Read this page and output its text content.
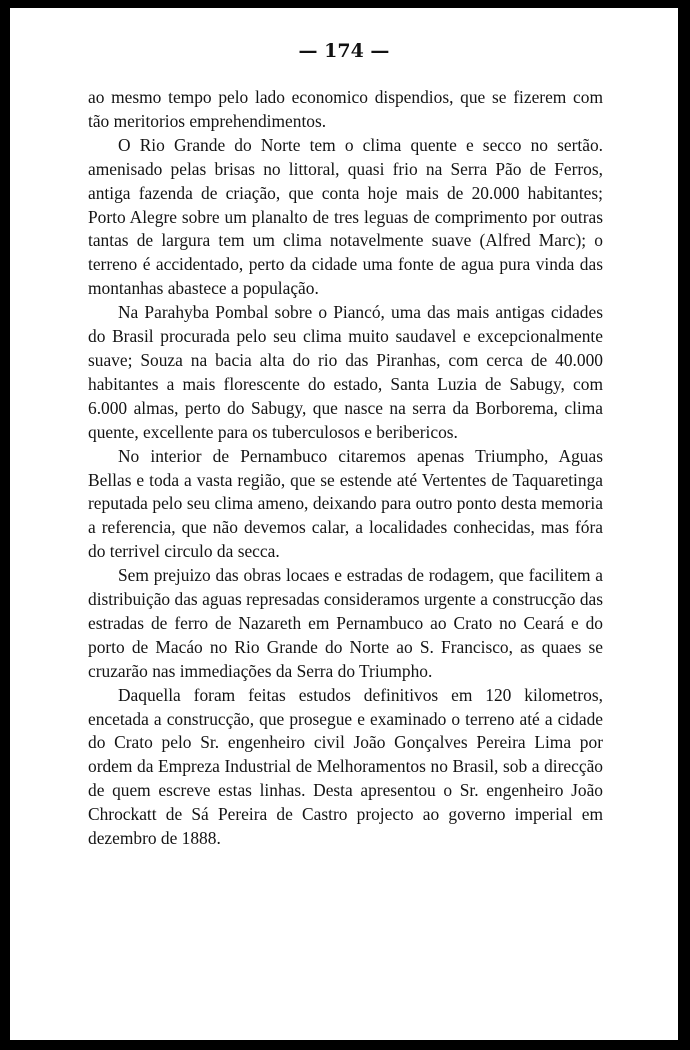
— 174 —

ao mesmo tempo pelo lado economico dispendios, que se fizerem com tão meritorios emprehendimentos.

O Rio Grande do Norte tem o clima quente e secco no sertão. amenisado pelas brisas no littoral, quasi frio na Serra Pão de Ferros, antiga fazenda de criação, que conta hoje mais de 20.000 habitantes; Porto Alegre sobre um planalto de tres leguas de comprimento por outras tantas de largura tem um clima notavelmente suave (Alfred Marc); o terreno é accidentado, perto da cidade uma fonte de agua pura vinda das montanhas abastece a população.

Na Parahyba Pombal sobre o Piancó, uma das mais antigas cidades do Brasil procurada pelo seu clima muito saudavel e excepcionalmente suave; Souza na bacia alta do rio das Piranhas, com cerca de 40.000 habitantes a mais florescente do estado, Santa Luzia de Sabugy, com 6.000 almas, perto do Sabugy, que nasce na serra da Borborema, clima quente, excellente para os tuberculosos e beribericos.

No interior de Pernambuco citaremos apenas Triumpho, Aguas Bellas e toda a vasta região, que se estende até Vertentes de Taquaretinga reputada pelo seu clima ameno, deixando para outro ponto desta memoria a referencia, que não devemos calar, a localidades conhecidas, mas fóra do terrivel circulo da secca.

Sem prejuizo das obras locaes e estradas de rodagem, que facilitem a distribuição das aguas represadas consideramos urgente a construcção das estradas de ferro de Nazareth em Pernambuco ao Crato no Ceará e do porto de Macáo no Rio Grande do Norte ao S. Francisco, as quaes se cruzarão nas immediações da Serra do Triumpho.

Daquella foram feitas estudos definitivos em 120 kilometros, encetada a construcção, que prosegue e examinado o terreno até a cidade do Crato pelo Sr. engenheiro civil João Gonçalves Pereira Lima por ordem da Empreza Industrial de Melhoramentos no Brasil, sob a direcção de quem escreve estas linhas. Desta apresentou o Sr. engenheiro João Chrockatt de Sá Pereira de Castro projecto ao governo imperial em dezembro de 1888.
